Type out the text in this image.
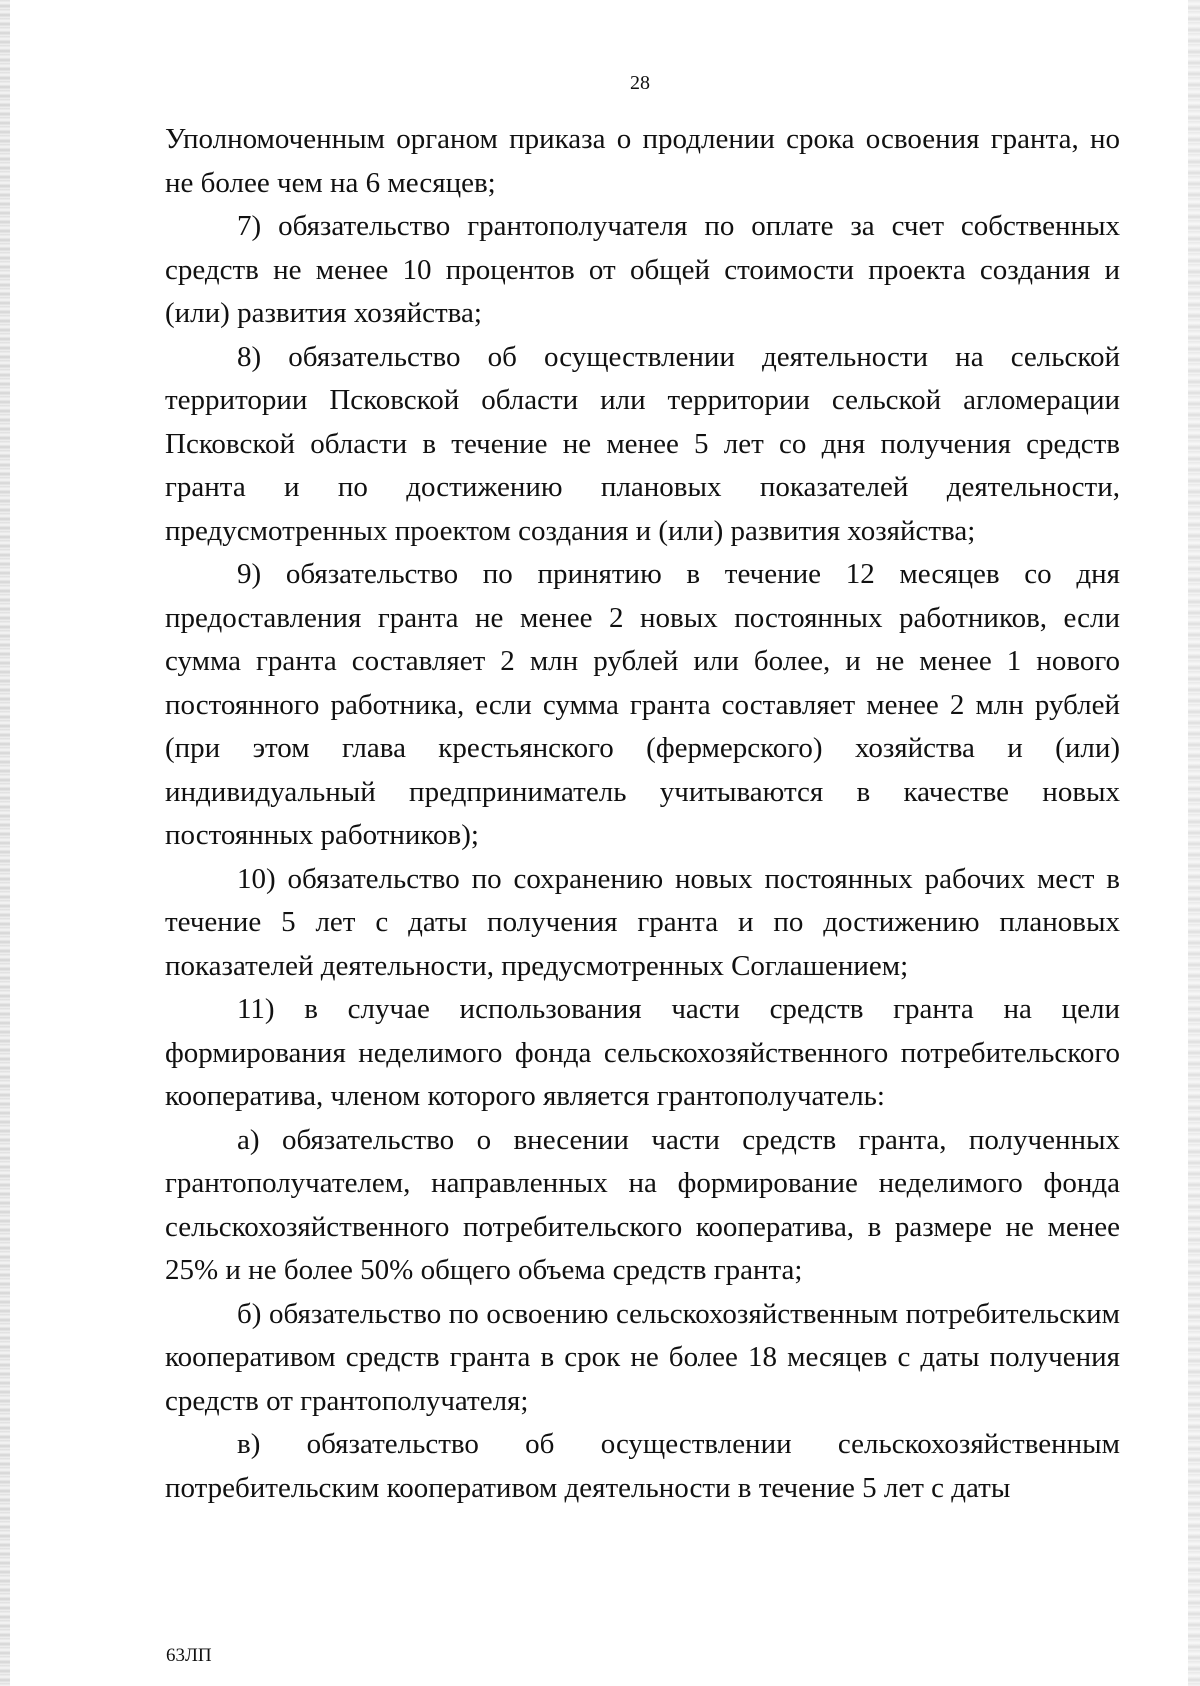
28

Уполномоченным органом приказа о продлении срока освоения гранта, но не более чем на 6 месяцев;

7) обязательство грантополучателя по оплате за счет собственных средств не менее 10 процентов от общей стоимости проекта создания и (или) развития хозяйства;

8) обязательство об осуществлении деятельности на сельской территории Псковской области или территории сельской агломерации Псковской области в течение не менее 5 лет со дня получения средств гранта и по достижению плановых показателей деятельности, предусмотренных проектом создания и (или) развития хозяйства;

9) обязательство по принятию в течение 12 месяцев со дня предоставления гранта не менее 2 новых постоянных работников, если сумма гранта составляет 2 млн рублей или более, и не менее 1 нового постоянного работника, если сумма гранта составляет менее 2 млн рублей (при этом глава крестьянского (фермерского) хозяйства и (или) индивидуальный предприниматель учитываются в качестве новых постоянных работников);

10) обязательство по сохранению новых постоянных рабочих мест в течение 5 лет с даты получения гранта и по достижению плановых показателей деятельности, предусмотренных Соглашением;

11) в случае использования части средств гранта на цели формирования неделимого фонда сельскохозяйственного потребительского кооператива, членом которого является грантополучатель:

а) обязательство о внесении части средств гранта, полученных грантополучателем, направленных на формирование неделимого фонда сельскохозяйственного потребительского кооператива, в размере не менее 25% и не более 50% общего объема средств гранта;

б) обязательство по освоению сельскохозяйственным потребительским кооперативом средств гранта в срок не более 18 месяцев с даты получения средств от грантополучателя;

в) обязательство об осуществлении сельскохозяйственным потребительским кооперативом деятельности в течение 5 лет с даты

63ЛП
